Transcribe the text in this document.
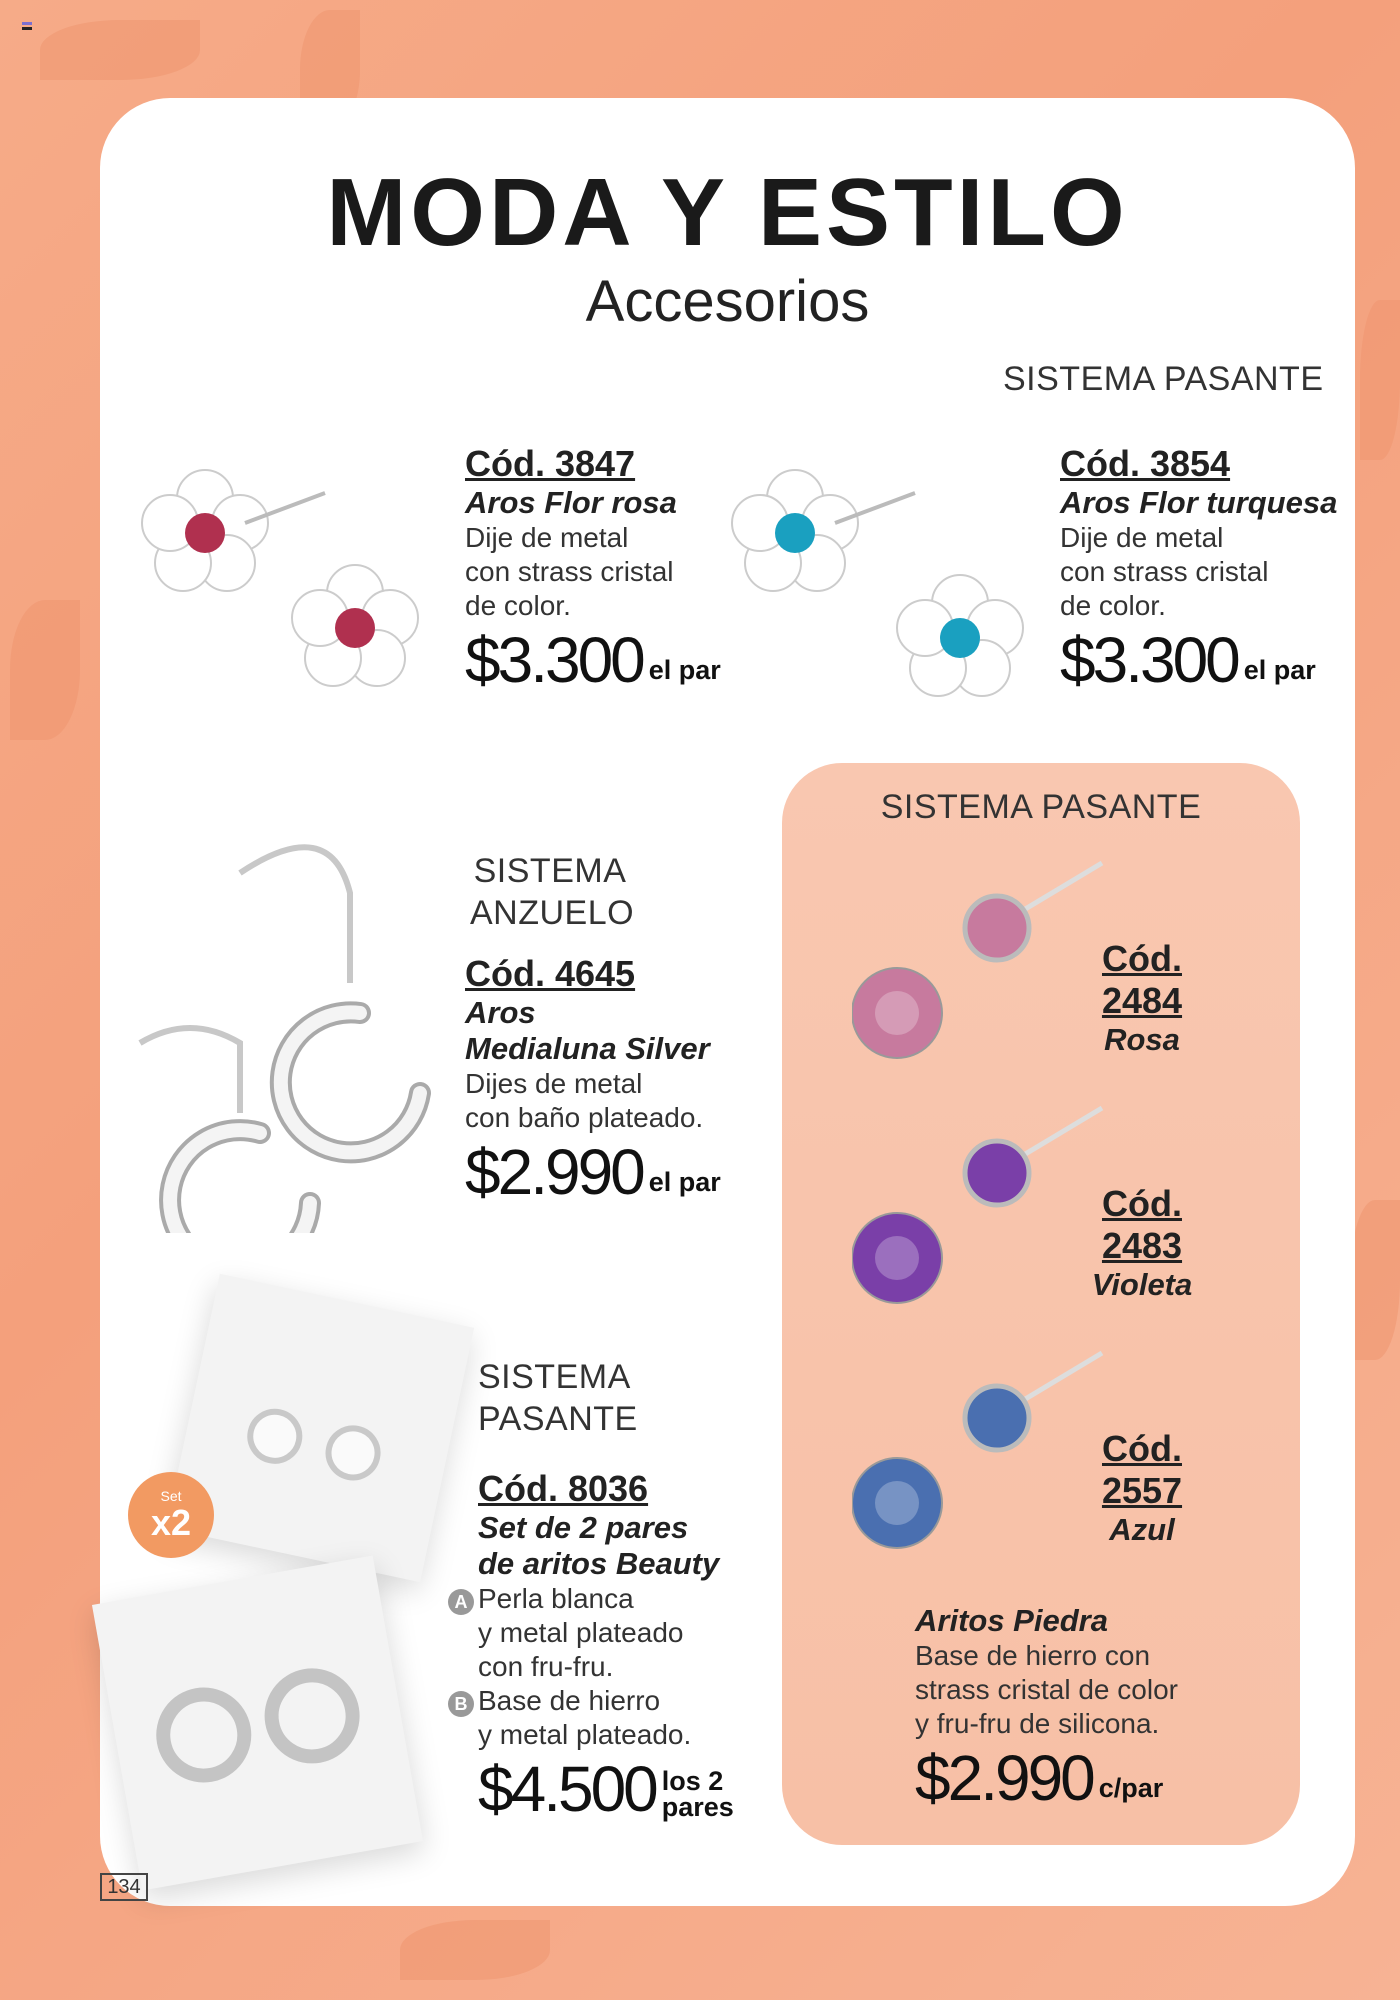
MODA Y ESTILO
Accesorios
SISTEMA PASANTE
Cód. 3847
Aros Flor rosa
Dije de metal
con strass cristal
de color.
$3.300 el par
Cód. 3854
Aros Flor turquesa
Dije de metal
con strass cristal
de color.
$3.300 el par
SISTEMA
ANZUELO
Cód. 4645
Aros
Medialuna Silver
Dijes de metal
con baño plateado.
$2.990 el par
Set
x2
SISTEMA
PASANTE
Cód. 8036
Set de 2 pares
de aritos Beauty
A Perla blanca
y metal plateado
con fru-fru.
B Base de hierro
y metal plateado.
$4.500 los 2
pares
SISTEMA PASANTE
Cód. 2484
Rosa
Cód. 2483
Violeta
Cód. 2557
Azul
Aritos Piedra
Base de hierro con
strass cristal de color
y fru-fru de silicona.
$2.990 c/par
134
